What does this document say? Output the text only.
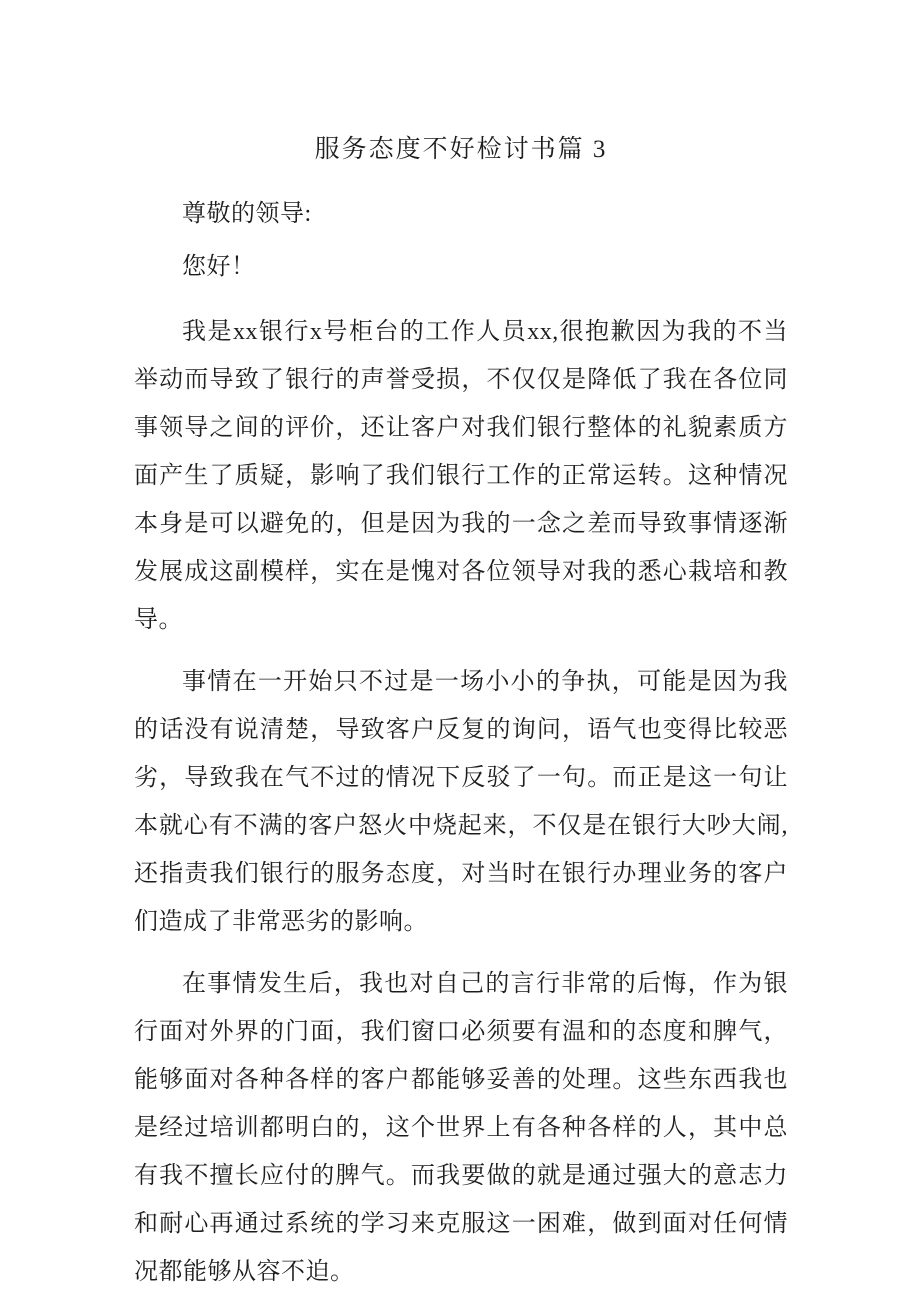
服务态度不好检讨书篇 3

尊敬的领导:

您好！

我是xx银行x号柜台的工作人员xx,很抱歉因为我的不当举动而导致了银行的声誉受损，不仅仅是降低了我在各位同事领导之间的评价，还让客户对我们银行整体的礼貌素质方面产生了质疑，影响了我们银行工作的正常运转。这种情况本身是可以避免的，但是因为我的一念之差而导致事情逐渐发展成这副模样，实在是愧对各位领导对我的悉心栽培和教导。

事情在一开始只不过是一场小小的争执，可能是因为我的话没有说清楚，导致客户反复的询问，语气也变得比较恶劣，导致我在气不过的情况下反驳了一句。而正是这一句让本就心有不满的客户怒火中烧起来，不仅是在银行大吵大闹,还指责我们银行的服务态度，对当时在银行办理业务的客户们造成了非常恶劣的影响。

在事情发生后，我也对自己的言行非常的后悔，作为银行面对外界的门面，我们窗口必须要有温和的态度和脾气，能够面对各种各样的客户都能够妥善的处理。这些东西我也是经过培训都明白的，这个世界上有各种各样的人，其中总有我不擅长应付的脾气。而我要做的就是通过强大的意志力和耐心再通过系统的学习来克服这一困难，做到面对任何情况都能够从容不迫。
